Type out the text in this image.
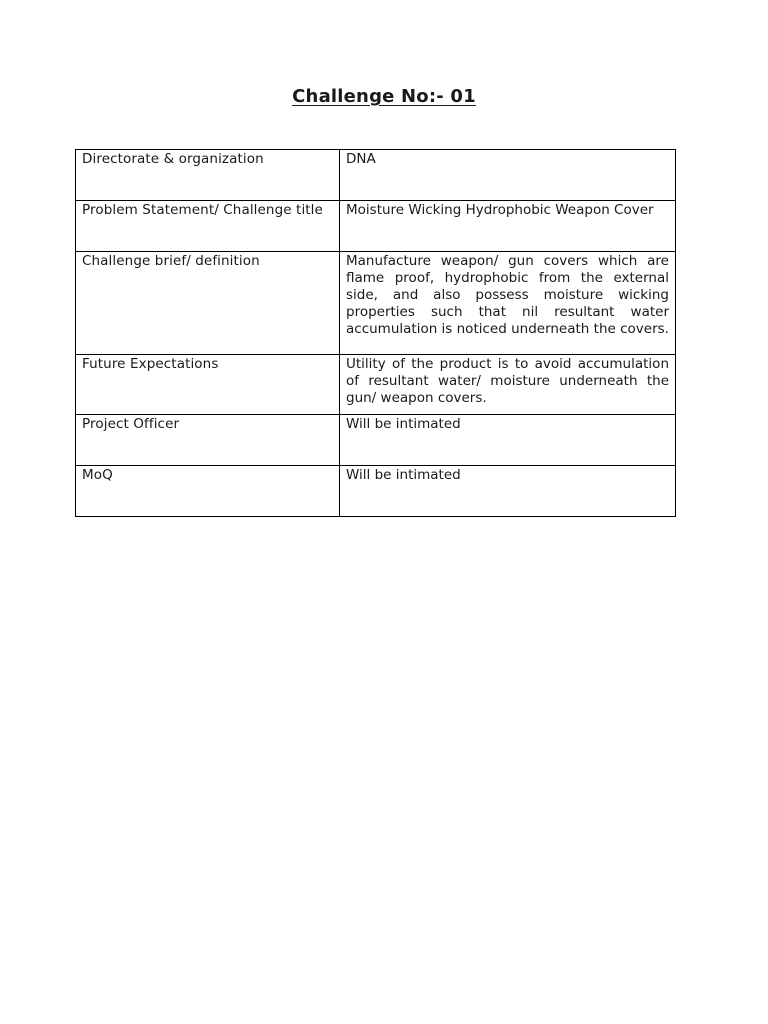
Challenge No:- 01
Directorate & organization	DNA
Problem Statement/ Challenge title	Moisture Wicking Hydrophobic Weapon Cover
Challenge brief/ definition	Manufacture weapon/ gun covers which are flame proof, hydrophobic from the external side, and also possess moisture wicking properties such that nil resultant water accumulation is noticed underneath the covers.
Future Expectations	Utility of the product is to avoid accumulation of resultant water/ moisture underneath the gun/ weapon covers.
Project Officer	Will be intimated
MoQ	Will be intimated
